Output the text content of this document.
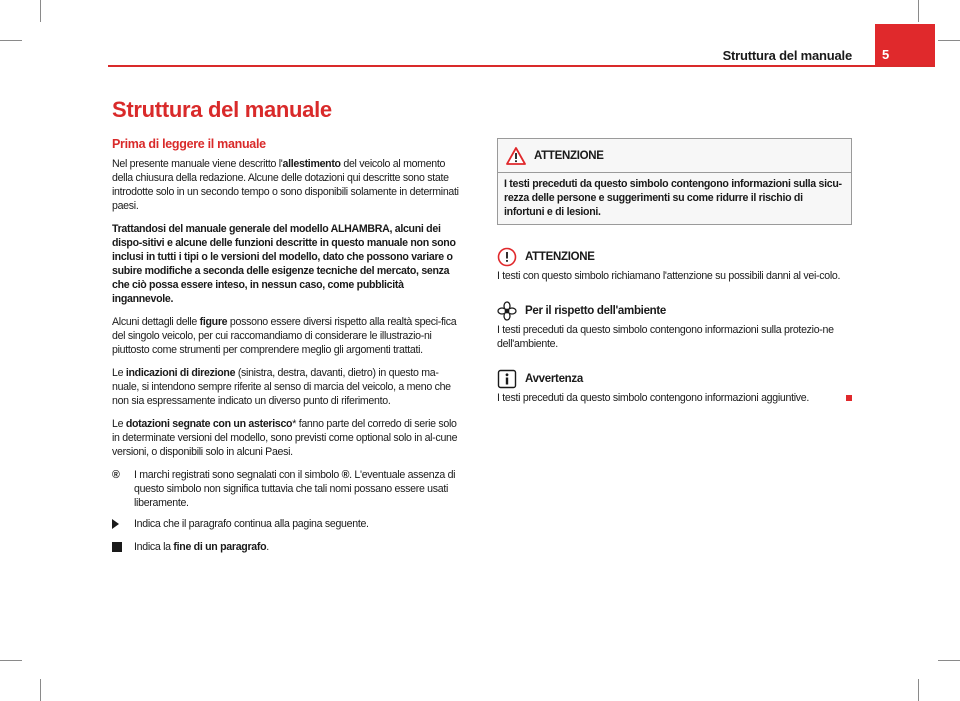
Struttura del manuale 5
Struttura del manuale
Prima di leggere il manuale

Nel presente manuale viene descritto l'allestimento del veicolo al momento della chiusura della redazione. Alcune delle dotazioni qui descritte sono state introdotte solo in un secondo tempo o sono disponibili solamente in determinati paesi.

Trattandosi del manuale generale del modello ALHAMBRA, alcuni dei dispo-sitivi e alcune delle funzioni descritte in questo manuale non sono inclusi in tutti i tipi o le versioni del modello, dato che possono variare o subire modifiche a seconda delle esigenze tecniche del mercato, senza che ciò possa essere inteso, in nessun caso, come pubblicità ingannevole.

Alcuni dettagli delle figure possono essere diversi rispetto alla realtà speci-fica del singolo veicolo, per cui raccomandiamo di considerare le illustrazio-ni piuttosto come strumenti per comprendere meglio gli argomenti trattati.

Le indicazioni di direzione (sinistra, destra, davanti, dietro) in questo ma-nuale, si intendono sempre riferite al senso di marcia del veicolo, a meno che non sia espressamente indicato un diverso punto di riferimento.

Le dotazioni segnate con un asterisco* fanno parte del corredo di serie solo in determinate versioni del modello, sono previsti come optional solo in al-cune versioni, o disponibili solo in alcuni Paesi.

®	I marchi registrati sono segnalati con il simbolo ®. L'eventuale assenza di questo simbolo non significa tuttavia che tali nomi possano essere usati liberamente.
Indica che il paragrafo continua alla pagina seguente.
Indica la fine di un paragrafo.
ATTENZIONE
I testi preceduti da questo simbolo contengono informazioni sulla sicu-rezza delle persone e suggerimenti su come ridurre il rischio di infortuni e di lesioni.
ATTENZIONE
I testi con questo simbolo richiamano l'attenzione su possibili danni al vei-colo.
Per il rispetto dell'ambiente
I testi preceduti da questo simbolo contengono informazioni sulla protezio-ne dell'ambiente.
Avvertenza
I testi preceduti da questo simbolo contengono informazioni aggiuntive.
